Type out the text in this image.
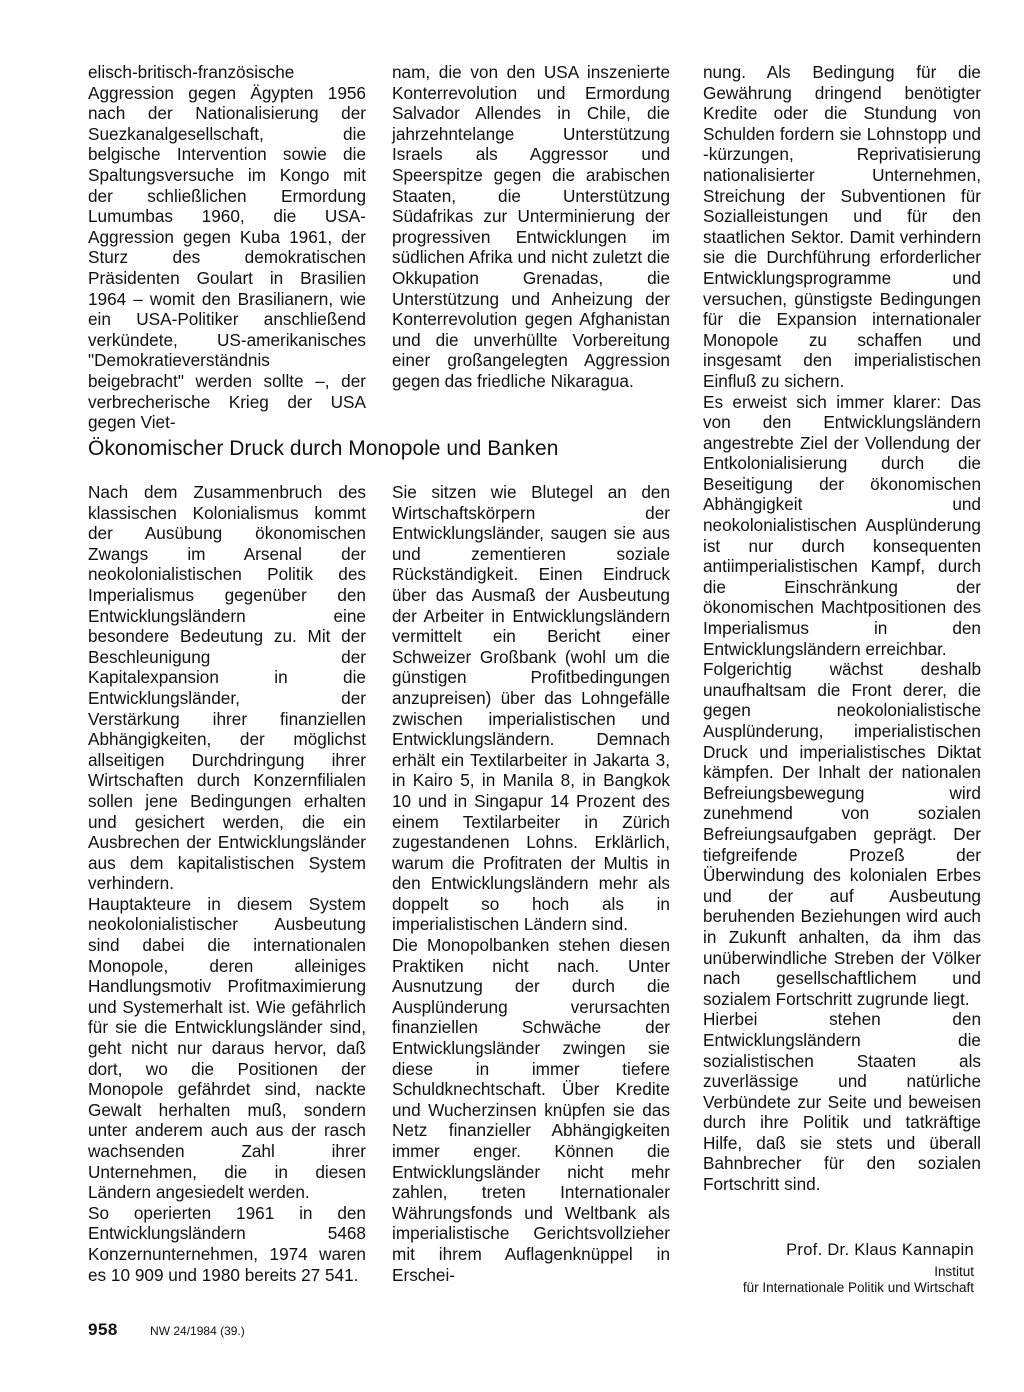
elisch-britisch-französische Aggression gegen Ägypten 1956 nach der Nationalisierung der Suezkanalgesellschaft, die belgische Intervention sowie die Spaltungsversuche im Kongo mit der schließlichen Ermordung Lumumbas 1960, die USA-Aggression gegen Kuba 1961, der Sturz des demokratischen Präsidenten Goulart in Brasilien 1964 – womit den Brasilianern, wie ein USA-Politiker anschließend verkündete, US-amerikanisches "Demokratieverständnis beigebracht" werden sollte –, der verbrecherische Krieg der USA gegen Viet-

nam, die von den USA inszenierte Konterrevolution und Ermordung Salvador Allendes in Chile, die jahrzehntelange Unterstützung Israels als Aggressor und Speerspitze gegen die arabischen Staaten, die Unterstützung Südafrikas zur Unterminierung der progressiven Entwicklungen im südlichen Afrika und nicht zuletzt die Okkupation Grenadas, die Unterstützung und Anheizung der Konterrevolution gegen Afghanistan und die unverhüllte Vorbereitung einer großangelegten Aggression gegen das friedliche Nikaragua.

nung. Als Bedingung für die Gewährung dringend benötigter Kredite oder die Stundung von Schulden fordern sie Lohnstopp und -kürzungen, Reprivatisierung nationalisierter Unternehmen, Streichung der Subventionen für Sozialleistungen und für den staatlichen Sektor. Damit verhindern sie die Durchführung erforderlicher Entwicklungsprogramme und versuchen, günstigste Bedingungen für die Expansion internationaler Monopole zu schaffen und insgesamt den imperialistischen Einfluß zu sichern.

Es erweist sich immer klarer: Das von den Entwicklungsländern angestrebte Ziel der Vollendung der Entkolonialisierung durch die Beseitigung der ökonomischen Abhängigkeit und neokolonialistischen Ausplünderung ist nur durch konsequenten antiimperialistischen Kampf, durch die Einschränkung der ökonomischen Machtpositionen des Imperialismus in den Entwicklungsländern erreichbar.

Folgerichtig wächst deshalb unaufhaltsam die Front derer, die gegen neokolonialistische Ausplünderung, imperialistischen Druck und imperialistisches Diktat kämpfen. Der Inhalt der nationalen Befreiungsbewegung wird zunehmend von sozialen Befreiungsaufgaben geprägt. Der tiefgreifende Prozeß der Überwindung des kolonialen Erbes und der auf Ausbeutung beruhenden Beziehungen wird auch in Zukunft anhalten, da ihm das unüberwindliche Streben der Völker nach gesellschaftlichem und sozialem Fortschritt zugrunde liegt.

Hierbei stehen den Entwicklungsländern die sozialistischen Staaten als zuverlässige und natürliche Verbündete zur Seite und beweisen durch ihre Politik und tatkräftige Hilfe, daß sie stets und überall Bahnbrecher für den sozialen Fortschritt sind.

Ökonomischer Druck durch Monopole und Banken

Nach dem Zusammenbruch des klassischen Kolonialismus kommt der Ausübung ökonomischen Zwangs im Arsenal der neokolonialistischen Politik des Imperialismus gegenüber den Entwicklungsländern eine besondere Bedeutung zu. Mit der Beschleunigung der Kapitalexpansion in die Entwicklungsländer, der Verstärkung ihrer finanziellen Abhängigkeiten, der möglichst allseitigen Durchdringung ihrer Wirtschaften durch Konzernfilialen sollen jene Bedingungen erhalten und gesichert werden, die ein Ausbrechen der Entwicklungsländer aus dem kapitalistischen System verhindern.

Hauptakteure in diesem System neokolonialistischer Ausbeutung sind dabei die internationalen Monopole, deren alleiniges Handlungsmotiv Profitmaximierung und Systemerhalt ist. Wie gefährlich für sie die Entwicklungsländer sind, geht nicht nur daraus hervor, daß dort, wo die Positionen der Monopole gefährdet sind, nackte Gewalt herhalten muß, sondern unter anderem auch aus der rasch wachsenden Zahl ihrer Unternehmen, die in diesen Ländern angesiedelt werden.

So operierten 1961 in den Entwicklungsländern 5468 Konzernunternehmen, 1974 waren es 10 909 und 1980 bereits 27 541.

Sie sitzen wie Blutegel an den Wirtschaftskörpern der Entwicklungsländer, saugen sie aus und zementieren soziale Rückständigkeit. Einen Eindruck über das Ausmaß der Ausbeutung der Arbeiter in Entwicklungsländern vermittelt ein Bericht einer Schweizer Großbank (wohl um die günstigen Profitbedingungen anzupreisen) über das Lohngefälle zwischen imperialistischen und Entwicklungsländern. Demnach erhält ein Textilarbeiter in Jakarta 3, in Kairo 5, in Manila 8, in Bangkok 10 und in Singapur 14 Prozent des einem Textilarbeiter in Zürich zugestandenen Lohns. Erklärlich, warum die Profitraten der Multis in den Entwicklungsländern mehr als doppelt so hoch als in imperialistischen Ländern sind.

Die Monopolbanken stehen diesen Praktiken nicht nach. Unter Ausnutzung der durch die Ausplünderung verursachten finanziellen Schwäche der Entwicklungsländer zwingen sie diese in immer tiefere Schuldknechtschaft. Über Kredite und Wucherzinsen knüpfen sie das Netz finanzieller Abhängigkeiten immer enger. Können die Entwicklungsländer nicht mehr zahlen, treten Internationaler Währungsfonds und Weltbank als imperialistische Gerichtsvollzieher mit ihrem Auflagenknüppel in Erschei-

Prof. Dr. Klaus Kannapin
Institut
für Internationale Politik und Wirtschaft
958	NW 24/1984 (39.)
